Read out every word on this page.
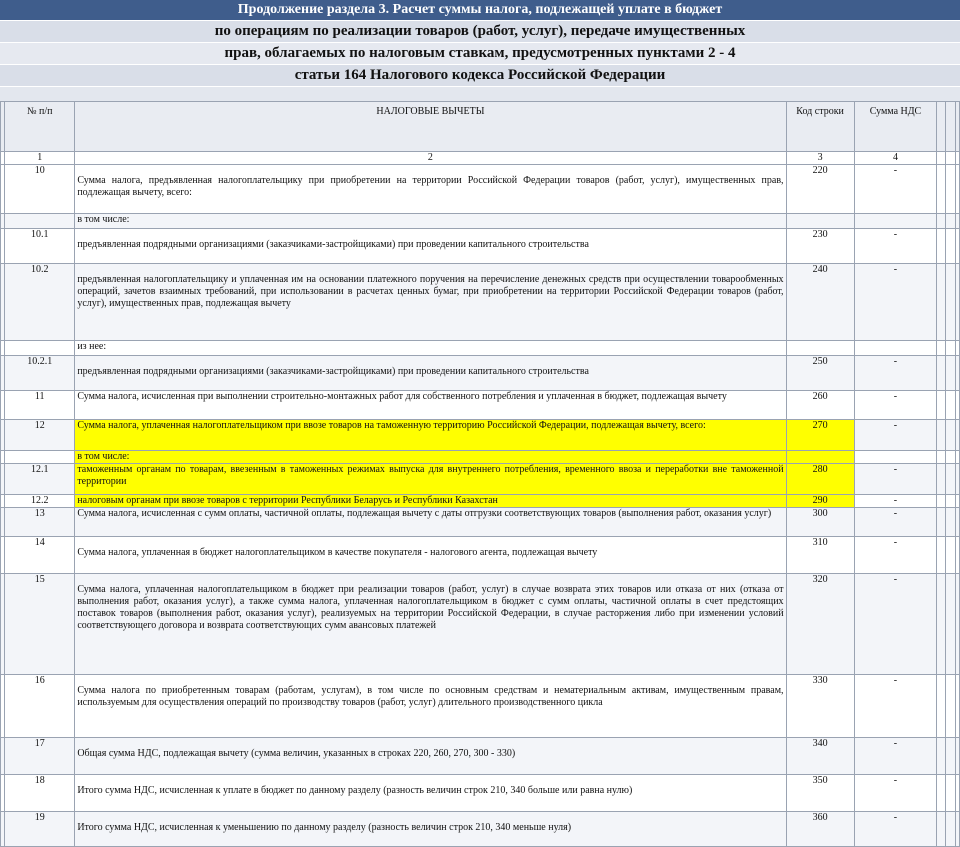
Продолжение раздела 3. Расчет суммы налога, подлежащей уплате в бюджет
по операциям по реализации товаров (работ, услуг), передаче имущественных
прав, облагаемых по налоговым ставкам, предусмотренных пунктами 2 - 4
статьи 164 Налогового кодекса Российской Федерации
	№ п/п	НАЛОГОВЫЕ ВЫЧЕТЫ	Код строки	Сумма НДС			
	1	2	3	4			
	10	Сумма налога, предъявленная налогоплательщику при приобретении на территории Российской Федерации товаров (работ, услуг), имущественных прав, подлежащая вычету, всего:	220	-			
		в том числе:					
	10.1	предъявленная подрядными организациями (заказчиками-застройщиками) при проведении капитального строительства	230	-			
	10.2	предъявленная налогоплательщику и уплаченная им на основании платежного поручения на перечисление денежных средств при осуществлении товарообменных операций, зачетов взаимных требований, при использовании в расчетах ценных бумаг, при приобретении на территории Российской Федерации товаров (работ, услуг), имущественных прав, подлежащая вычету	240	-			
		из нее:					
	10.2.1	предъявленная подрядными организациями (заказчиками-застройщиками) при проведении капитального строительства	250	-			
	11	Сумма налога, исчисленная при выполнении строительно-монтажных работ для собственного потребления и уплаченная в бюджет, подлежащая вычету	260	-			
	12	Сумма налога, уплаченная налогоплательщиком при ввозе товаров на таможенную территорию Российской Федерации, подлежащая вычету, всего:	270	-			
		в том числе:					
	12.1	таможенным органам по товарам, ввезенным в таможенных режимах выпуска для внутреннего потребления, временного ввоза и переработки вне таможенной территории	280	-			
	12.2	налоговым органам при ввозе товаров с территории Республики Беларусь и Республики Казахстан	290	-			
	13	Сумма налога, исчисленная с сумм оплаты, частичной оплаты, подлежащая вычету с даты отгрузки соответствующих товаров (выполнения работ, оказания услуг)	300	-			
	14	Сумма налога, уплаченная в бюджет налогоплательщиком в качестве покупателя - налогового агента, подлежащая вычету	310	-			
	15	Сумма налога, уплаченная налогоплательщиком в бюджет при реализации товаров (работ, услуг) в случае возврата этих товаров или отказа от них (отказа от выполнения работ, оказания услуг), а также сумма налога, уплаченная налогоплательщиком в бюджет с сумм оплаты, частичной оплаты в счет предстоящих поставок товаров (выполнения работ, оказания услуг), реализуемых на территории Российской Федерации, в случае расторжения либо при изменении условий соответствующего договора и возврата соответствующих сумм авансовых платежей	320	-			
	16	Сумма налога по приобретенным товарам (работам, услугам), в том числе по основным средствам и нематериальным активам, имущественным правам, используемым для осуществления операций по производству товаров (работ, услуг) длительного производственного цикла	330	-			
	17	Общая сумма НДС, подлежащая вычету (сумма величин, указанных в строках 220, 260, 270, 300 - 330)	340	-			
	18	Итого сумма НДС, исчисленная к уплате в бюджет по данному разделу (разность величин строк 210, 340 больше или равна нулю)	350	-			
	19	Итого сумма НДС, исчисленная к уменьшению по данному разделу (разность величин строк 210, 340 меньше нуля)	360	-			
